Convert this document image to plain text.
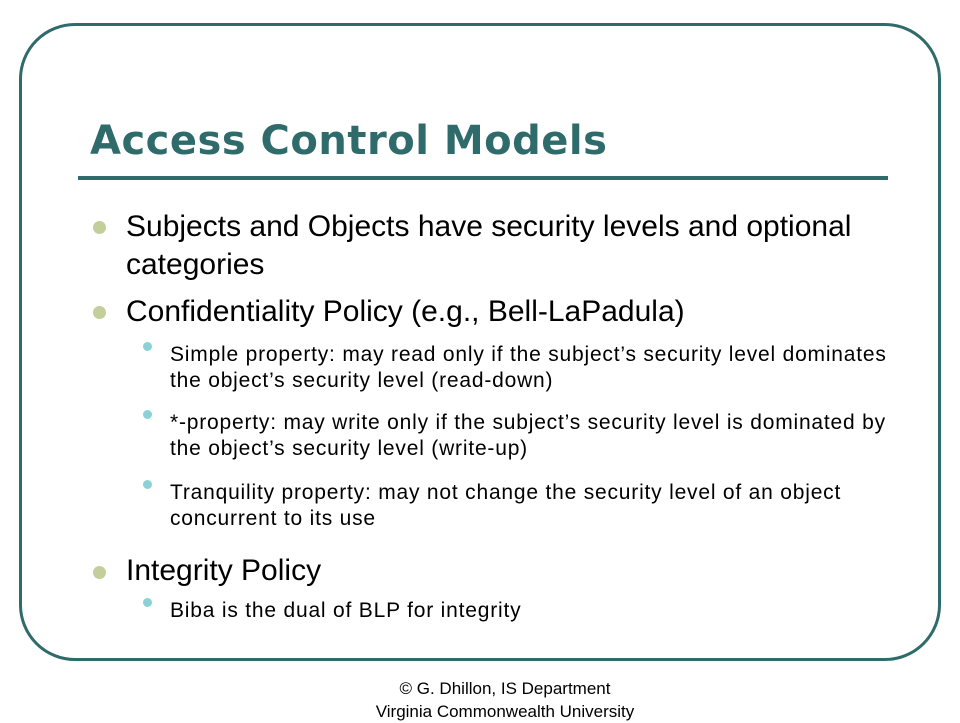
Access Control Models

Subjects and Objects have security levels and optional categories

Confidentiality Policy (e.g., Bell-LaPadula)

Simple property: may read only if the subject’s security level dominates the object’s security level (read-down)

*-property: may write only if the subject’s security level is dominated by the object’s security level (write-up)

Tranquility property: may not change the security level of an object concurrent to its use

Integrity Policy

Biba is the dual of BLP for integrity

© G. Dhillon, IS Department
Virginia Commonwealth University
